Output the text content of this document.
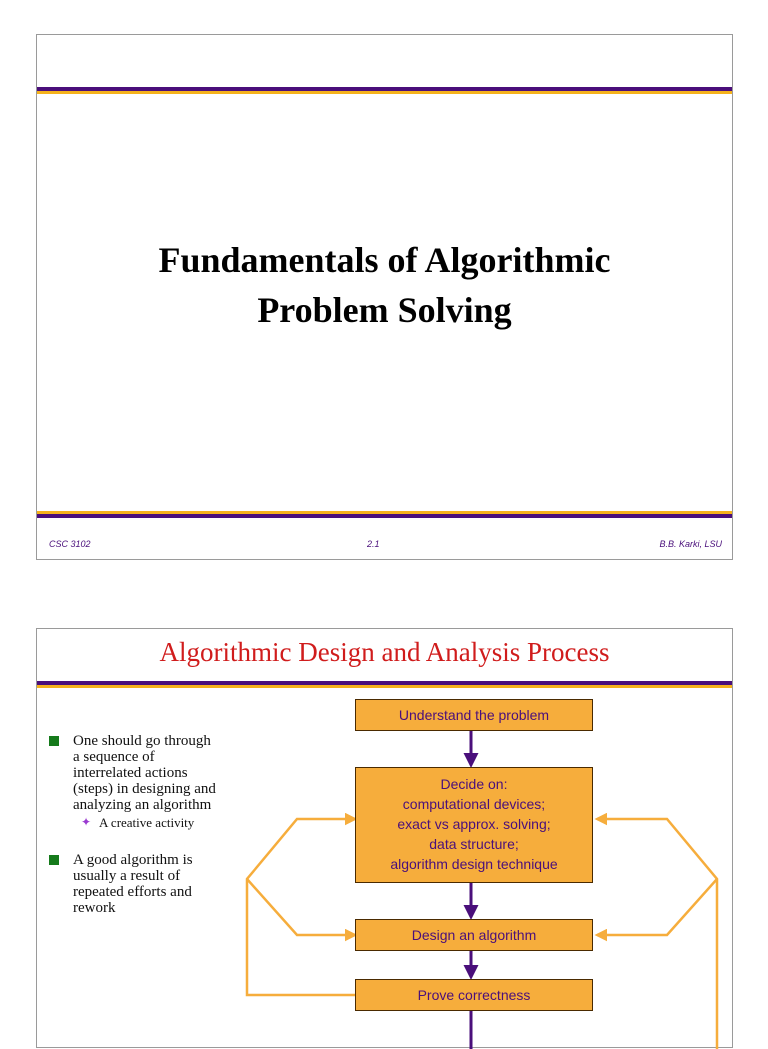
Fundamentals of Algorithmic
Problem Solving
CSC 3102	2.1	B.B. Karki, LSU
Algorithmic Design and Analysis Process
One should go through a sequence of interrelated actions (steps) in designing and analyzing an algorithm
✦ A creative activity
A good algorithm is usually a result of repeated efforts and rework
Understand the problem
Decide on:
computational devices;
exact vs approx. solving;
data structure;
algorithm design technique
Design an algorithm
Prove correctness
